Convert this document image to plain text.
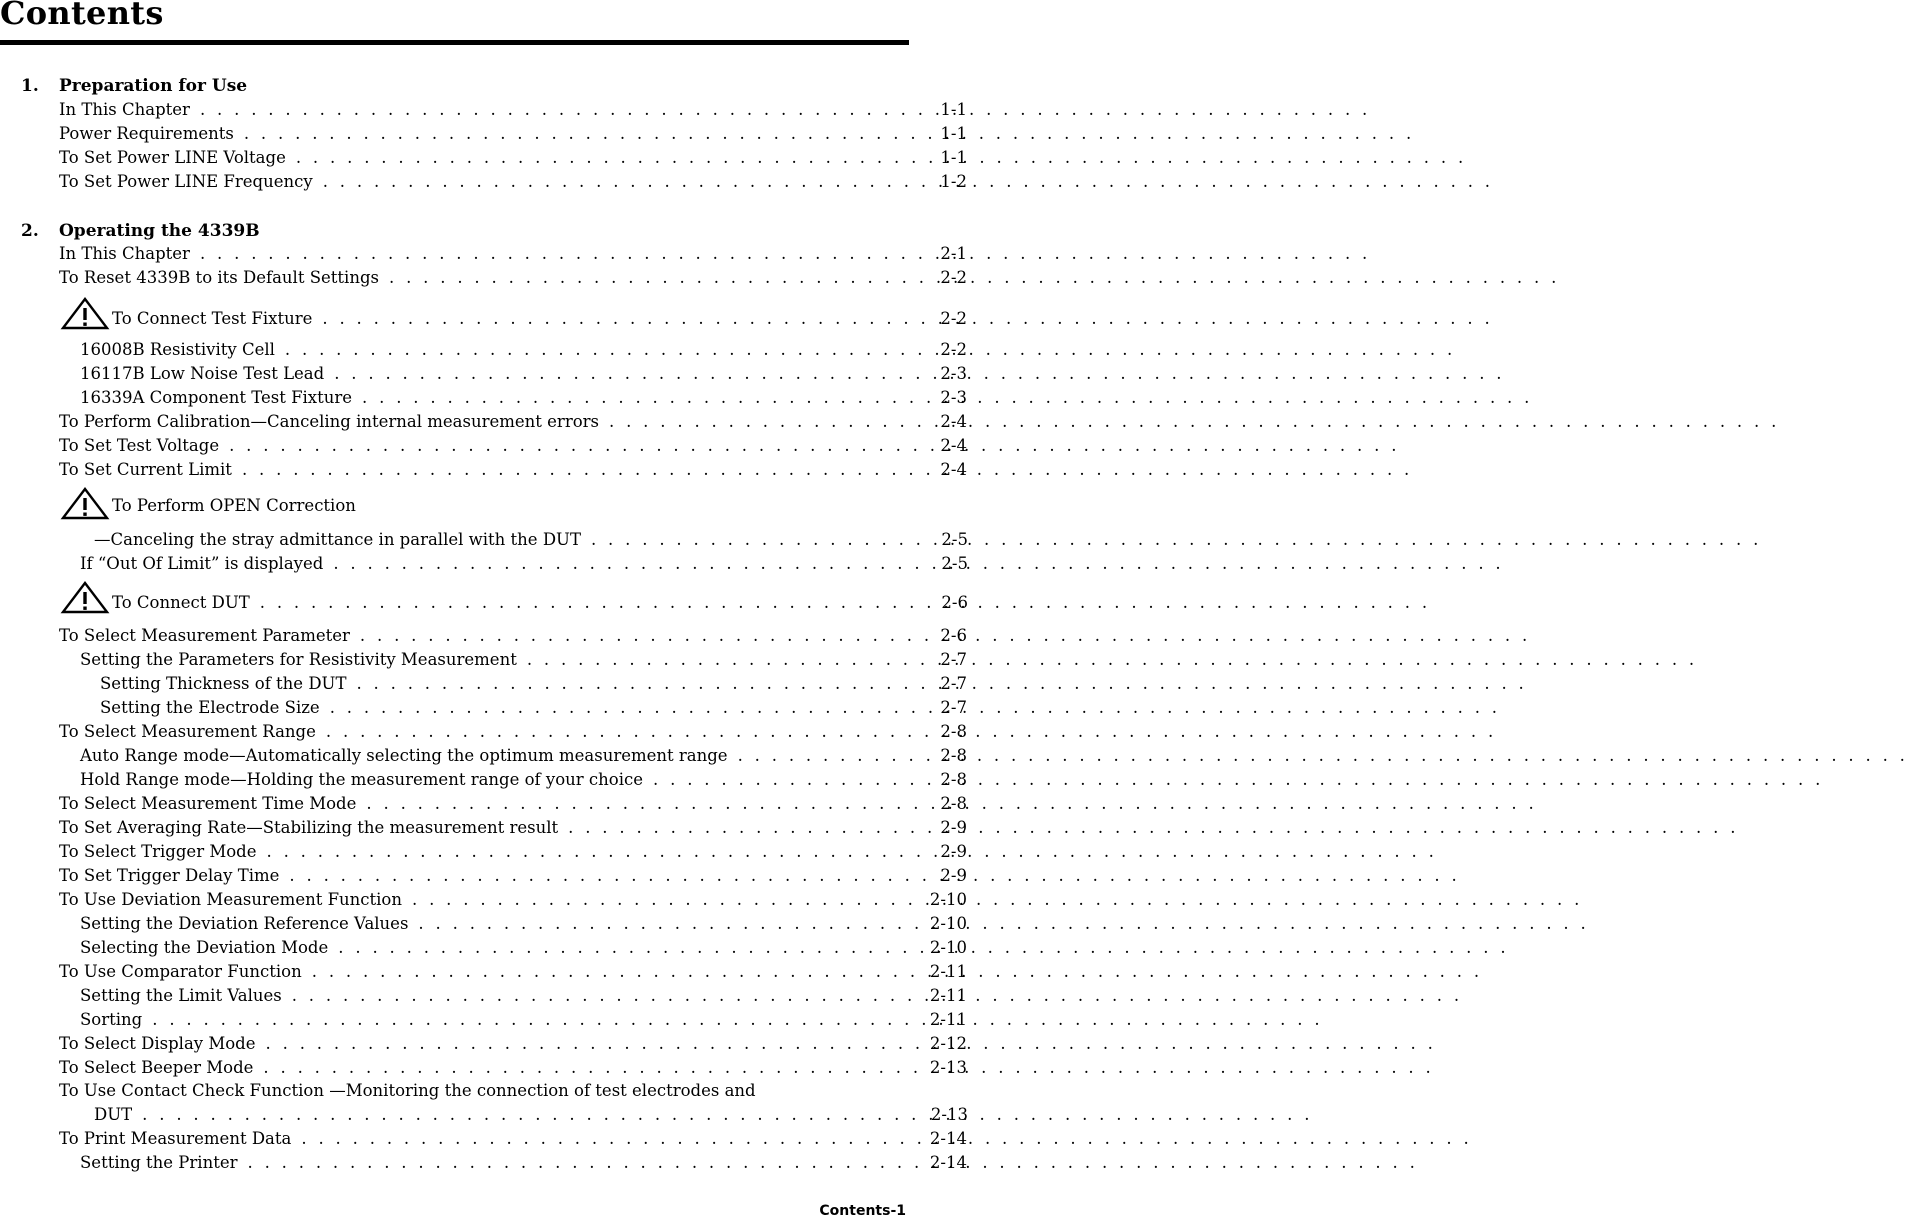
Contents
1. Preparation for Use
In This Chapter . . .	1-1
Power Requirements . . .	1-1
To Set Power LINE Voltage . . .	1-1
To Set Power LINE Frequency . . .	1-2
2. Operating the 4339B
In This Chapter . . .	2-1
To Reset 4339B to its Default Settings . . .	2-2
To Connect Test Fixture . . .	2-2
16008B Resistivity Cell . . .	2-2
16117B Low Noise Test Lead . . .	2-3
16339A Component Test Fixture . . .	2-3
To Perform Calibration—Canceling internal measurement errors . . .	2-4
To Set Test Voltage . . .	2-4
To Set Current Limit . . .	2-4
To Perform OPEN Correction
—Canceling the stray admittance in parallel with the DUT . . .	2-5
If “Out Of Limit” is displayed . . .	2-5
To Connect DUT . . .	2-6
To Select Measurement Parameter . . .	2-6
Setting the Parameters for Resistivity Measurement . . .	2-7
Setting Thickness of the DUT . . .	2-7
Setting the Electrode Size . . .	2-7
To Select Measurement Range . . .	2-8
Auto Range mode—Automatically selecting the optimum measurement range . . .	2-8
Hold Range mode—Holding the measurement range of your choice . . .	2-8
To Select Measurement Time Mode . . .	2-8
To Set Averaging Rate—Stabilizing the measurement result . . .	2-9
To Select Trigger Mode . . .	2-9
To Set Trigger Delay Time . . .	2-9
To Use Deviation Measurement Function . . .	2-10
Setting the Deviation Reference Values . . .	2-10
Selecting the Deviation Mode . . .	2-10
To Use Comparator Function . . .	2-11
Setting the Limit Values . . .	2-11
Sorting . . .	2-11
To Select Display Mode . . .	2-12
To Select Beeper Mode . . .	2-13
To Use Contact Check Function —Monitoring the connection of test electrodes and
DUT . . .	2-13
To Print Measurement Data . . .	2-14
Setting the Printer . . .	2-14
Contents-1
